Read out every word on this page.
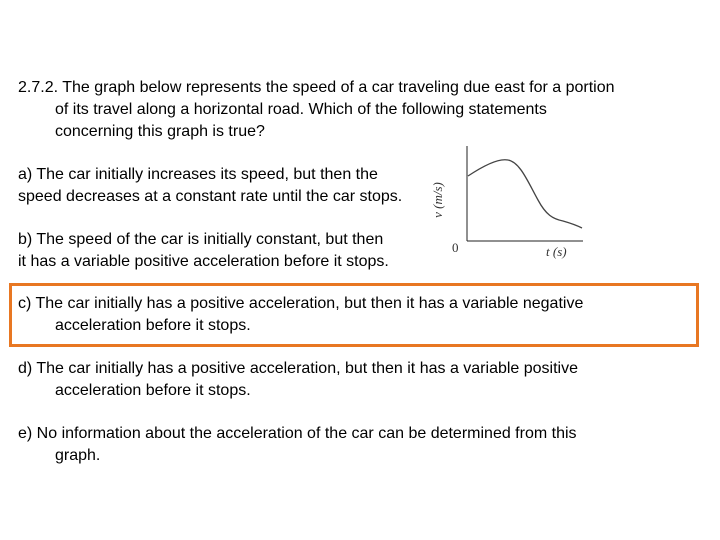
2.7.2. The graph below represents the speed of a car traveling due east for a portion
of its travel along a horizontal road. Which of the following statements
concerning this graph is true?
a) The car initially increases its speed, but then the
speed decreases at a constant rate until the car stops.
b) The speed of the car is initially constant, but then
it has a variable positive acceleration before it stops.
v (m/s)
0	t (s)
c) The car initially has a positive acceleration, but then it has a variable negative
acceleration before it stops.
d) The car initially has a positive acceleration, but then it has a variable positive
acceleration before it stops.
e) No information about the acceleration of the car can be determined from this
graph.
